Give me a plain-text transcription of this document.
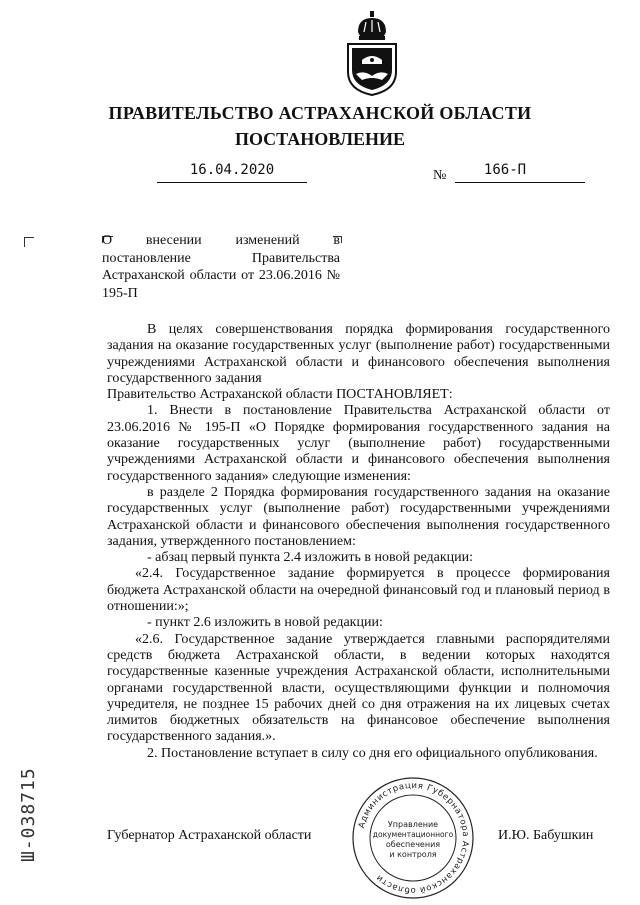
ПРАВИТЕЛЬСТВО АСТРАХАНСКОЙ ОБЛАСТИ
ПОСТАНОВЛЕНИЕ
16.04.2020	№	166-П
О внесении изменений в постановление Правительства Астраханской области от 23.06.2016 № 195-П

В целях совершенствования порядка формирования государственного задания на оказание государственных услуг (выполнение работ) государственными учреждениями Астраханской области и финансового обеспечения выполнения государственного задания

Правительство Астраханской области ПОСТАНОВЛЯЕТ:

1. Внести в постановление Правительства Астраханской области от 23.06.2016 № 195-П «О Порядке формирования государственного задания на оказание государственных услуг (выполнение работ) государственными учреждениями Астраханской области и финансового обеспечения выполнения государственного задания» следующие изменения:

в разделе 2 Порядка формирования государственного задания на оказание государственных услуг (выполнение работ) государственными учреждениями Астраханской области и финансового обеспечения выполнения государственного задания, утвержденного постановлением:

- абзац первый пункта 2.4 изложить в новой редакции:

«2.4. Государственное задание формируется в процессе формирования бюджета Астраханской области на очередной финансовый год и плановый период в отношении:»;

- пункт 2.6 изложить в новой редакции:

«2.6. Государственное задание утверждается главными распорядителями средств бюджета Астраханской области, в ведении которых находятся государственные казенные учреждения Астраханской области, исполнительными органами государственной власти, осуществляющими функции и полномочия учредителя, не позднее 15 рабочих дней со дня отражения на их лицевых счетах лимитов бюджетных обязательств на финансовое обеспечение выполнения государственного задания.».

2. Постановление вступает в силу со дня его официального опубликования.

Губернатор Астраханской области	И.Ю. Бабушкин
Администрация Губернатора Астраханской области
Управление
документационного
обеспечения
и контроля
Ш-038715
